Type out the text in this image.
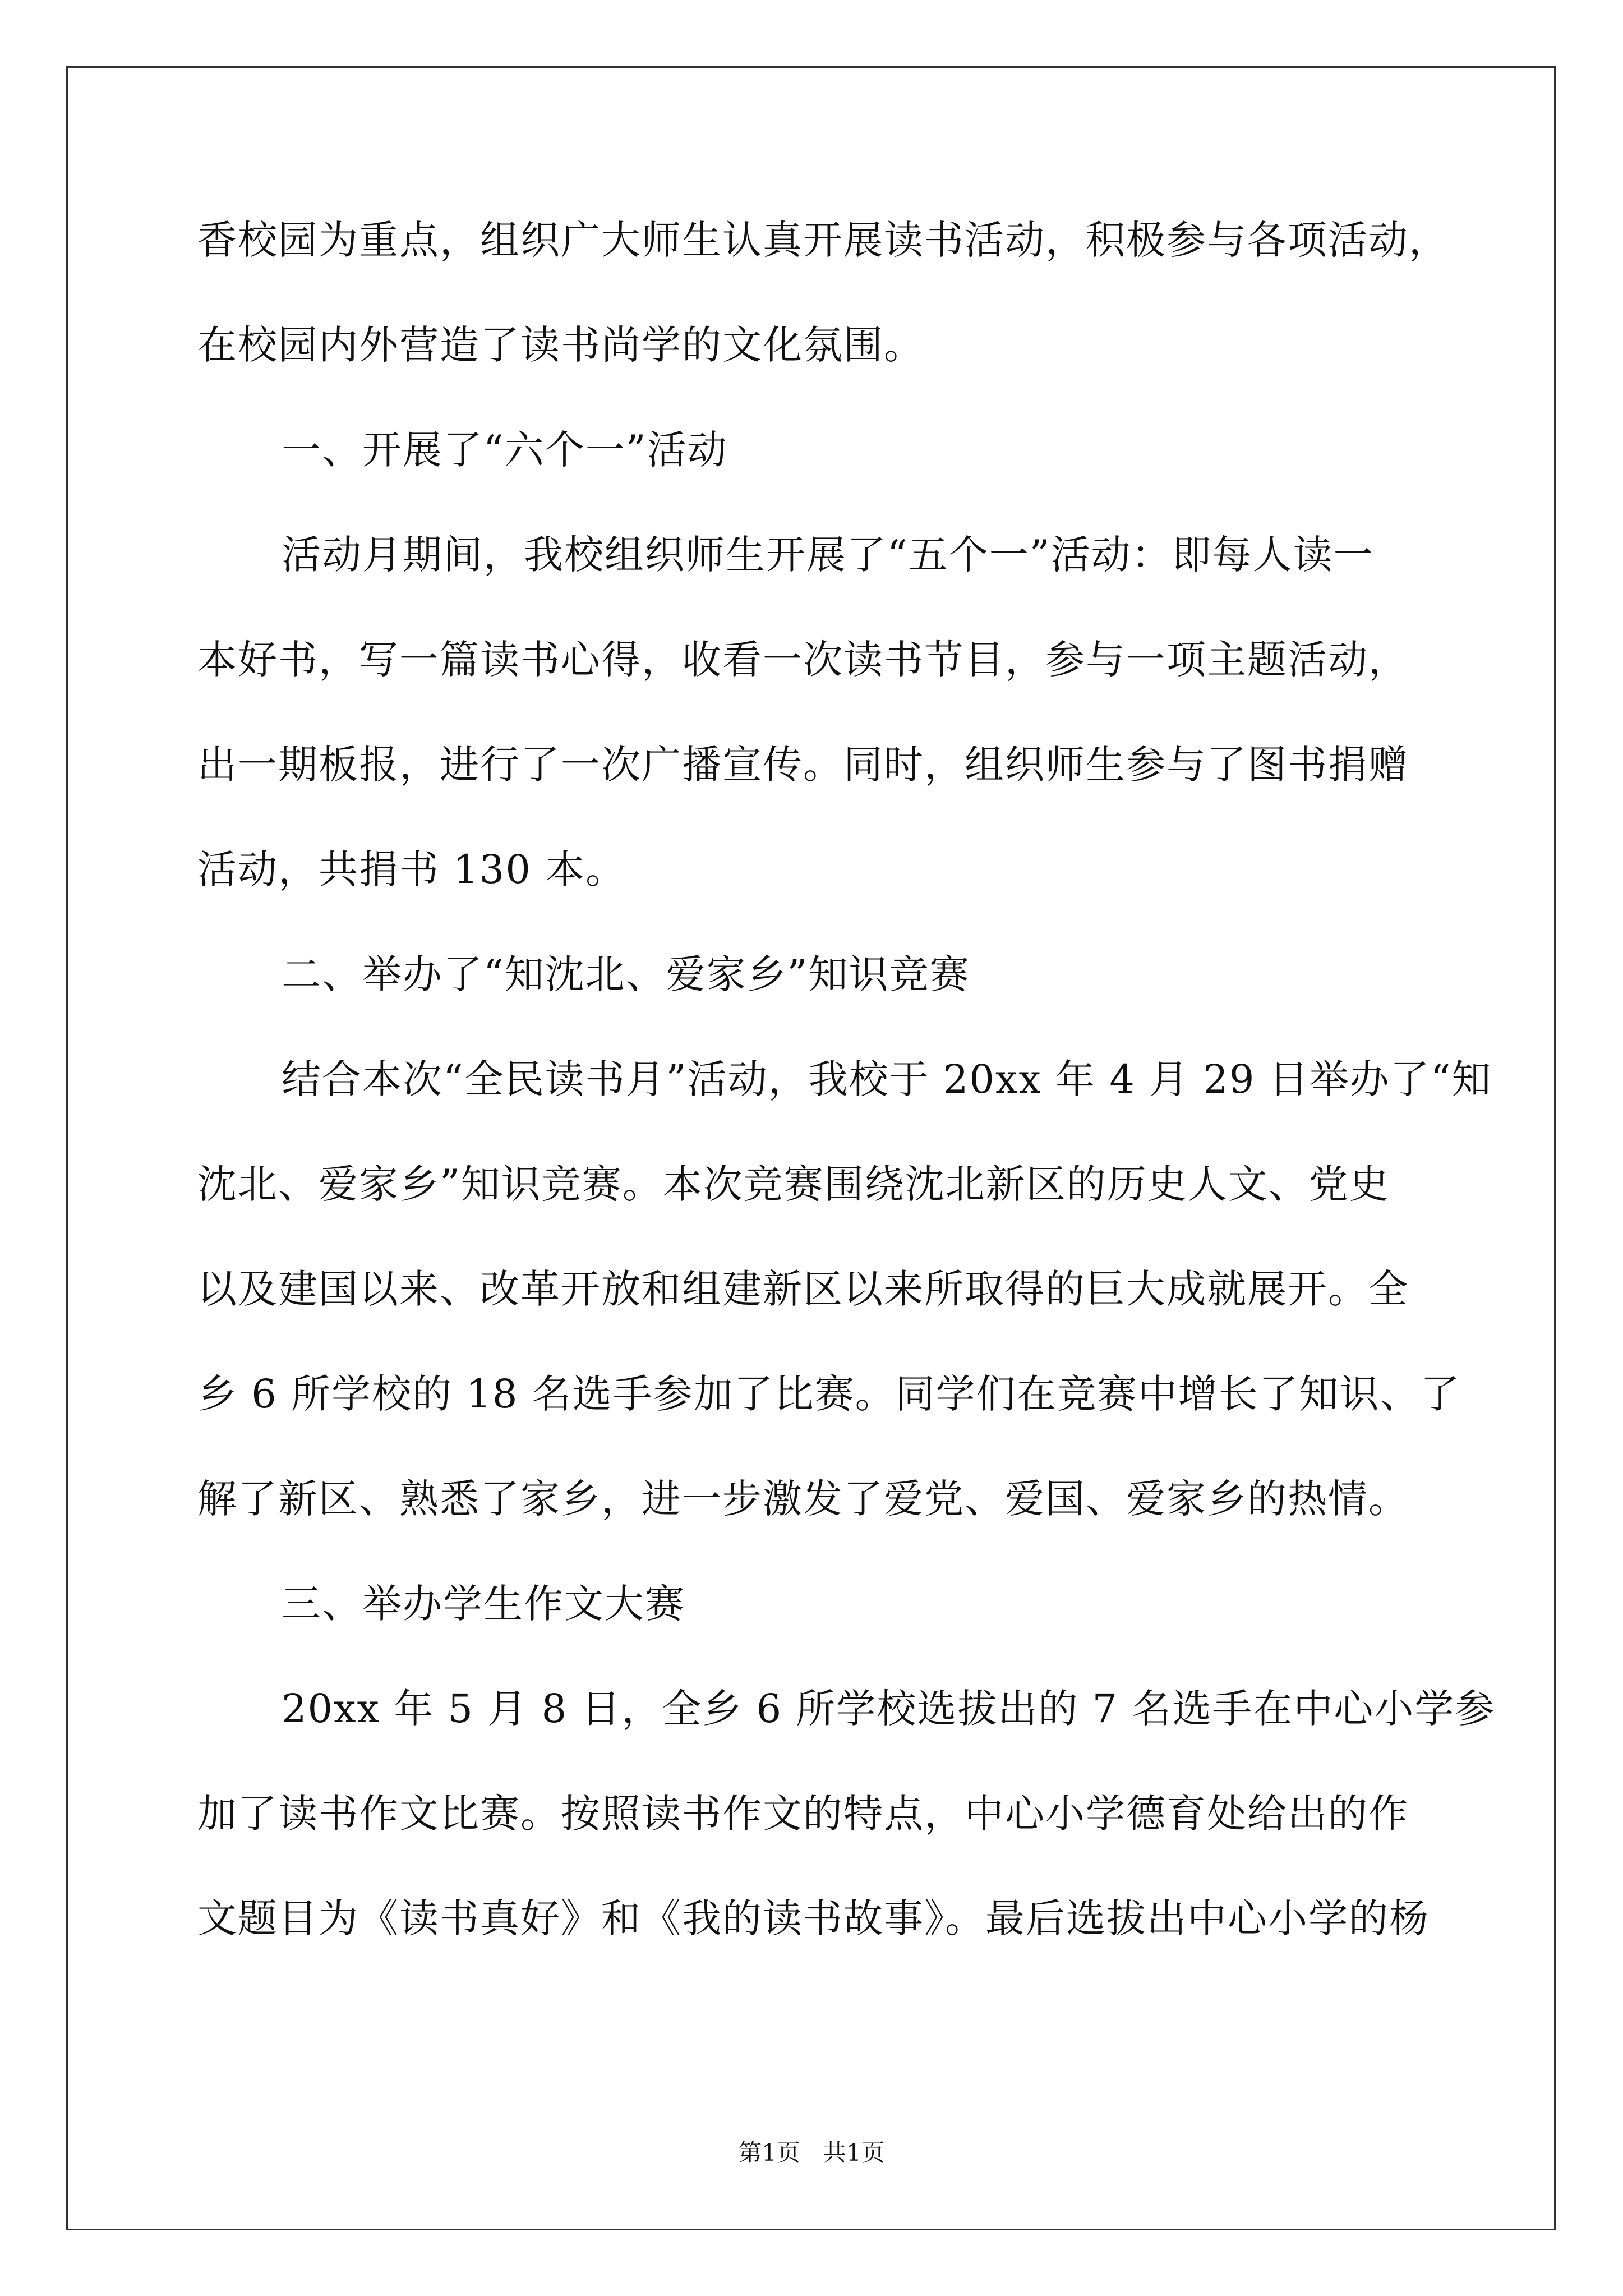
香校园为重点，组织广大师生认真开展读书活动，积极参与各项活动，
在校园内外营造了读书尚学的文化氛围。
一、开展了“六个一”活动
活动月期间，我校组织师生开展了“五个一”活动：即每人读一
本好书，写一篇读书心得，收看一次读书节目，参与一项主题活动，
出一期板报，进行了一次广播宣传。同时，组织师生参与了图书捐赠
活动，共捐书 130 本。
二、举办了“知沈北、爱家乡”知识竞赛
结合本次“全民读书月”活动，我校于 20xx 年 4 月 29 日举办了“知
沈北、爱家乡”知识竞赛。本次竞赛围绕沈北新区的历史人文、党史
以及建国以来、改革开放和组建新区以来所取得的巨大成就展开。全
乡 6 所学校的 18 名选手参加了比赛。同学们在竞赛中增长了知识、了
解了新区、熟悉了家乡，进一步激发了爱党、爱国、爱家乡的热情。
三、举办学生作文大赛
20xx 年 5 月 8 日，全乡 6 所学校选拔出的 7 名选手在中心小学参
加了读书作文比赛。按照读书作文的特点，中心小学德育处给出的作
文题目为《读书真好》和《我的读书故事》。最后选拔出中心小学的杨
第1页   共1页
